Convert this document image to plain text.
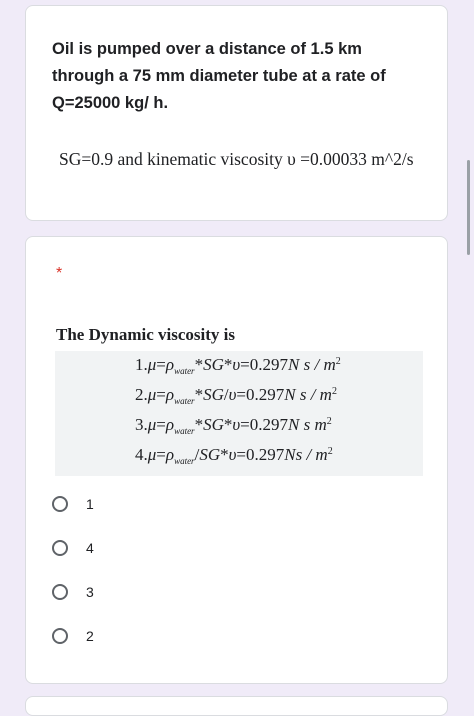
Oil is pumped over a distance of 1.5 km through a 75 mm diameter tube at a rate of Q=25000 kg/ h.
SG=0.9 and kinematic viscosity υ =0.00033 m^2/s
*
The Dynamic viscosity is
$1.\mu=\rho_{water}*SG*\upsilon=0.297N$ s / $m^2$
$2.\mu=\rho_{water}*SG/\upsilon=0.297N$ s / $m^2$
$3.\mu=\rho_{water}*SG*\upsilon=0.297N$ s $m^2$
$4.\mu=\rho_{water}/SG*\upsilon=0.297Ns / m^2$
1
4
3
2
